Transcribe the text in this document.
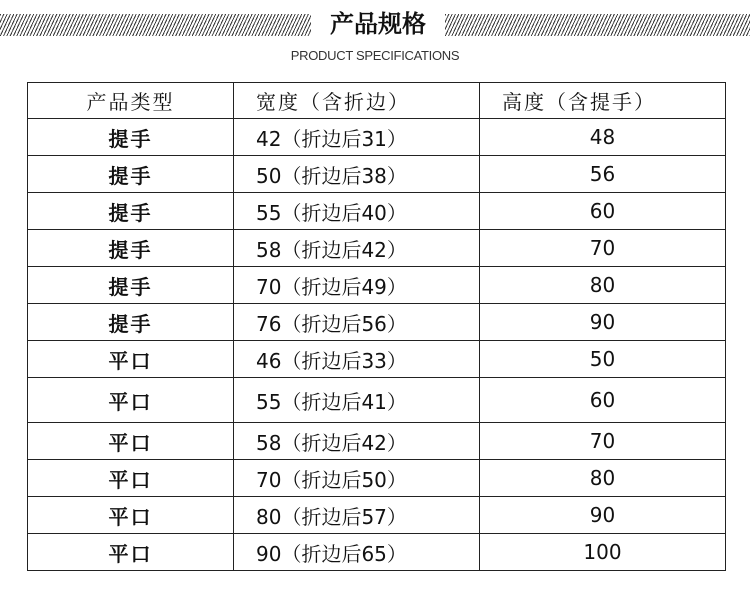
产品规格
PRODUCT SPECIFICATIONS
产品类型	宽度（含折边）	高度（含提手）
提手	42（折边后31）	48
提手	50（折边后38）	56
提手	55（折边后40）	60
提手	58（折边后42）	70
提手	70（折边后49）	80
提手	76（折边后56）	90
平口	46（折边后33）	50
平口	55（折边后41）	60
平口	58（折边后42）	70
平口	70（折边后50）	80
平口	80（折边后57）	90
平口	90（折边后65）	100
